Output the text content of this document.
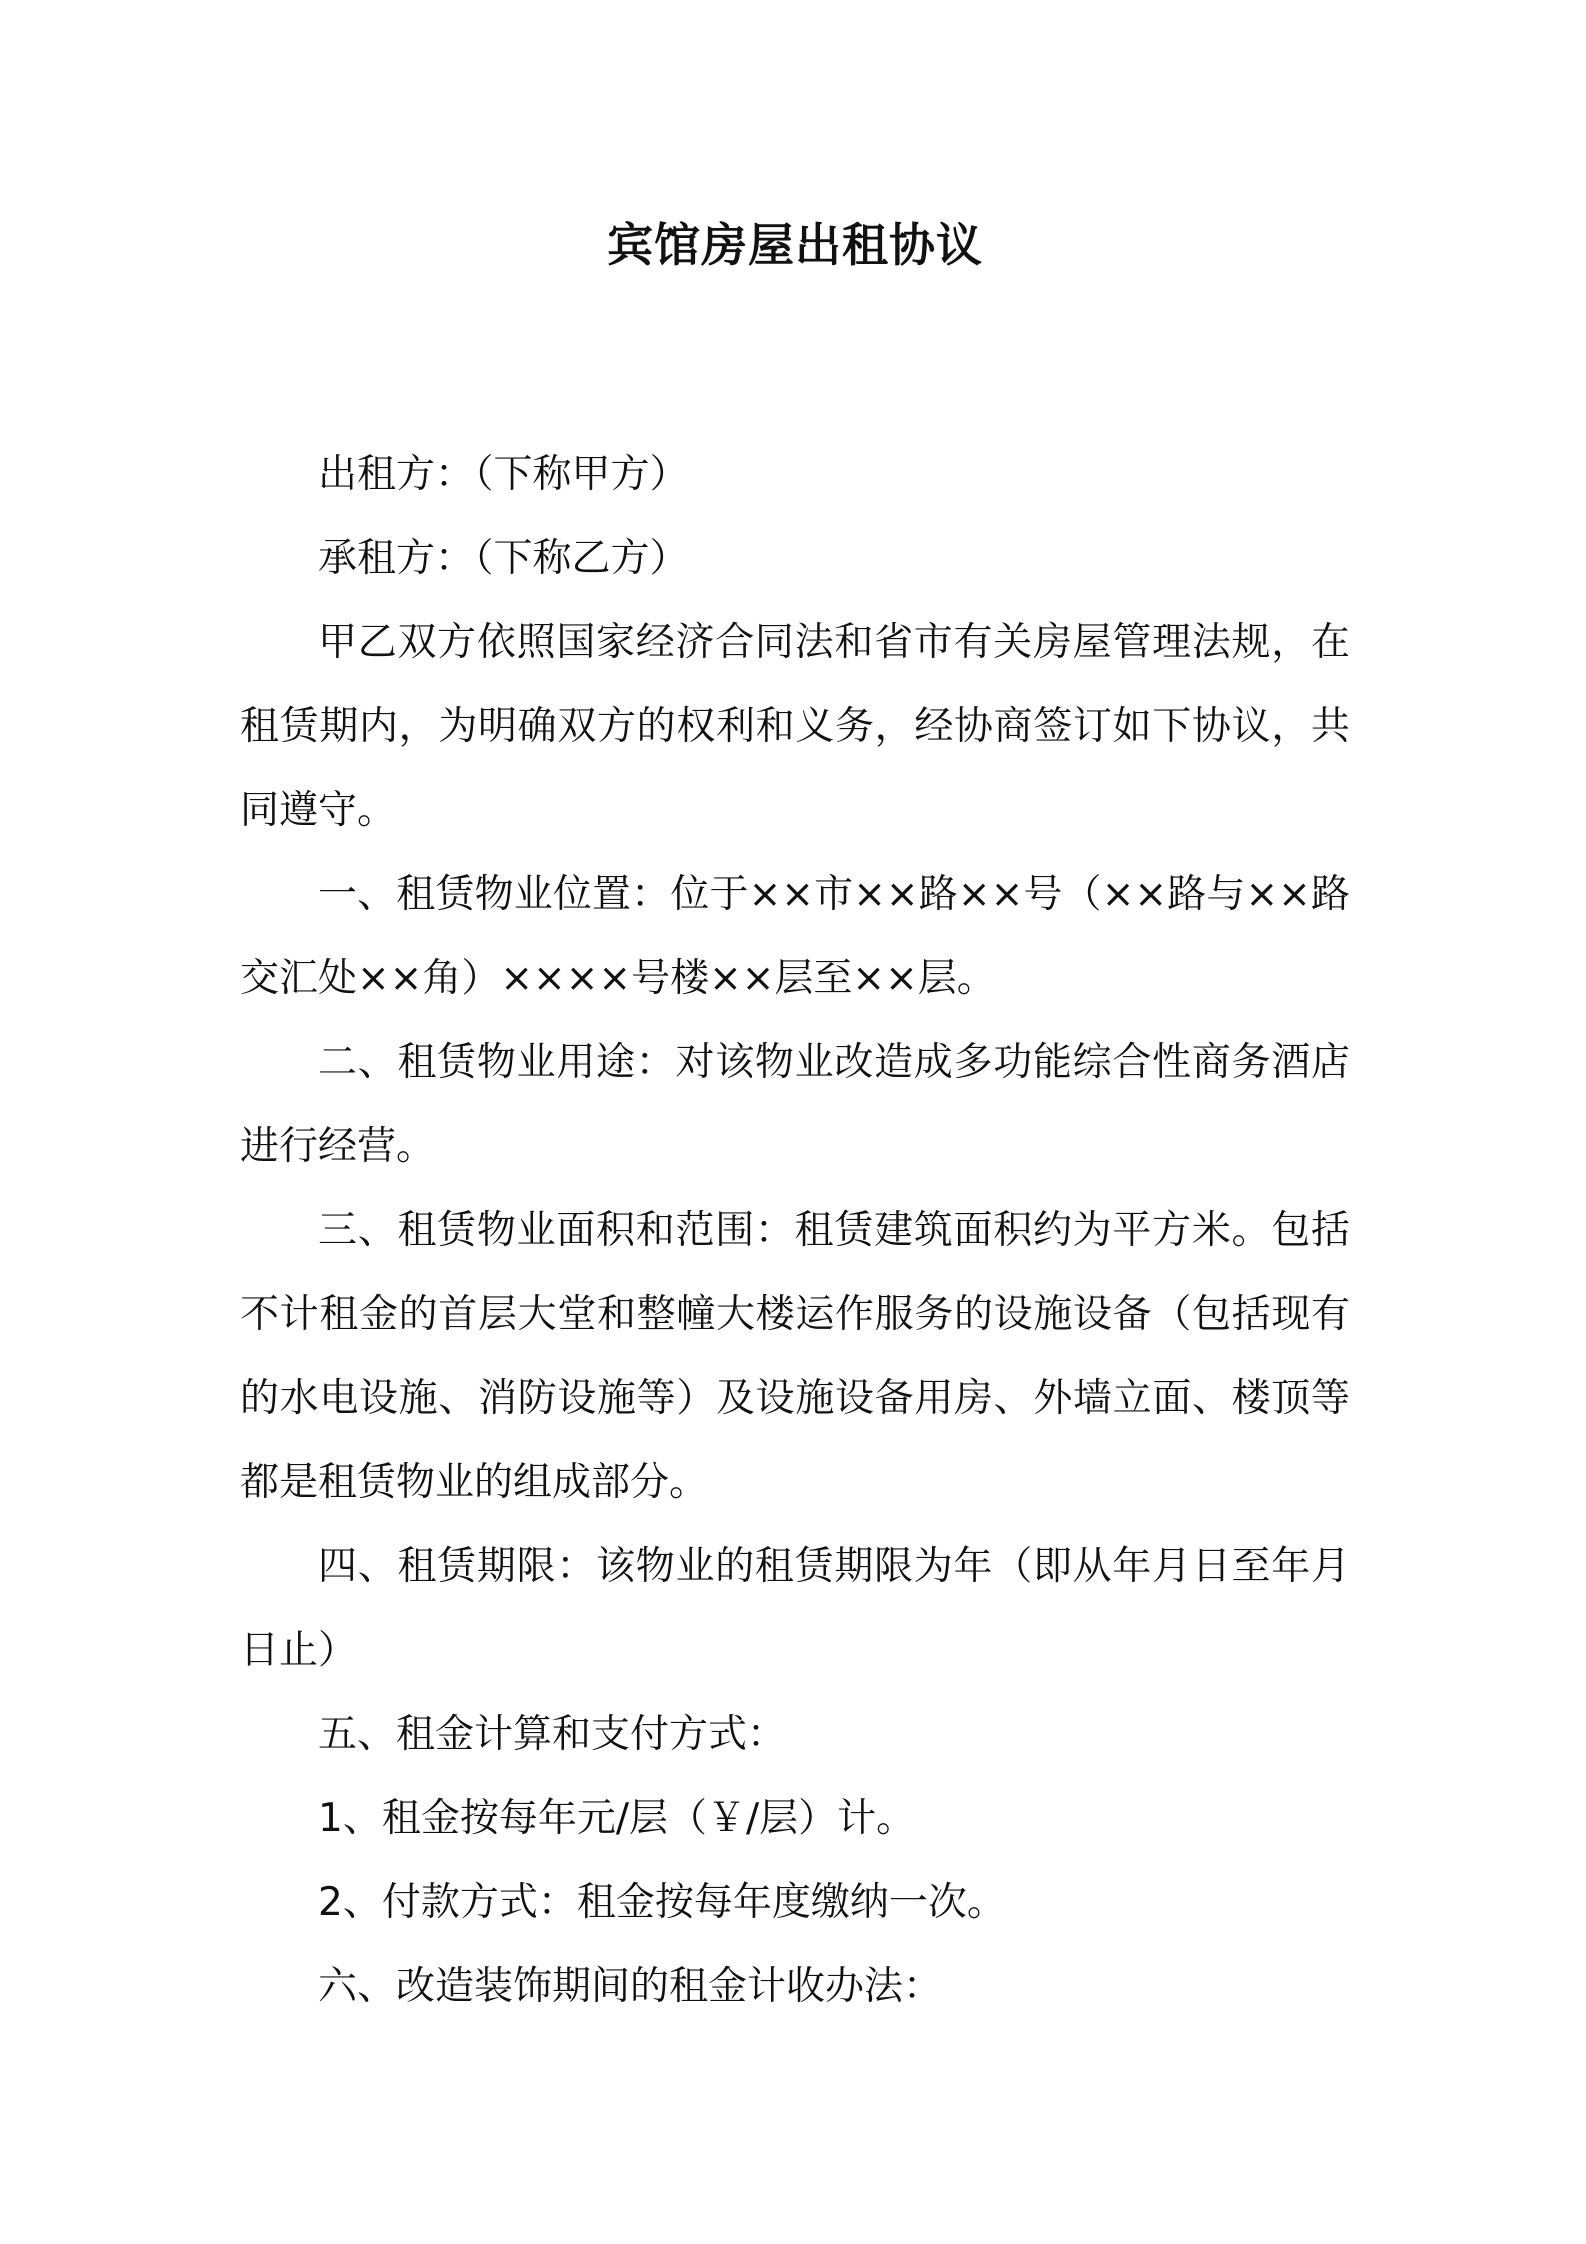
宾馆房屋出租协议

出租方：（下称甲方）

承租方：（下称乙方）

甲乙双方依照国家经济合同法和省市有关房屋管理法规，在租赁期内，为明确双方的权利和义务，经协商签订如下协议，共同遵守。

一、租赁物业位置：位于××市××路××号（××路与××路交汇处××角）××××号楼××层至××层。

二、租赁物业用途：对该物业改造成多功能综合性商务酒店进行经营。

三、租赁物业面积和范围：租赁建筑面积约为平方米。包括不计租金的首层大堂和整幢大楼运作服务的设施设备（包括现有的水电设施、消防设施等）及设施设备用房、外墙立面、楼顶等都是租赁物业的组成部分。

四、租赁期限：该物业的租赁期限为年（即从年月日至年月日止）

五、租金计算和支付方式：

1、租金按每年元/层（￥/层）计。

2、付款方式：租金按每年度缴纳一次。

六、改造装饰期间的租金计收办法：
